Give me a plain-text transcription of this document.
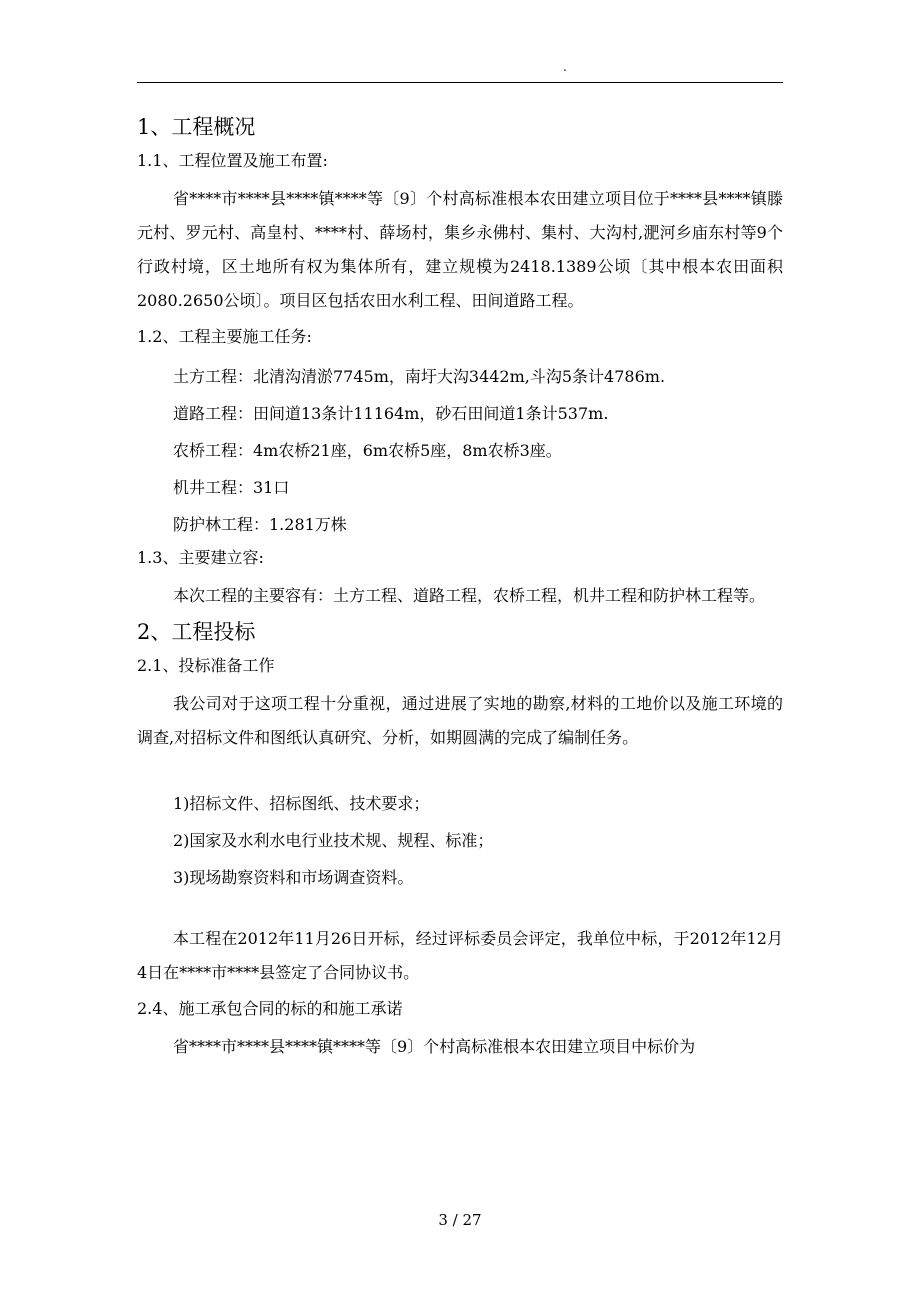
.
1、工程概况
1.1、工程位置及施工布置:
省****市****县****镇****等〔9〕个村高标准根本农田建立项目位于****县****镇滕元村、罗元村、高皇村、****村、薛场村，集乡永佛村、集村、大沟村,淝河乡庙东村等9个行政村境，区土地所有权为集体所有，建立规模为2418.1389公顷〔其中根本农田面积2080.2650公顷〕。项目区包括农田水利工程、田间道路工程。
1.2、工程主要施工任务:
土方工程：北清沟清淤7745m，南圩大沟3442m,斗沟5条计4786m.
道路工程：田间道13条计11164m，砂石田间道1条计537m.
农桥工程：4m农桥21座，6m农桥5座，8m农桥3座。
机井工程：31口
防护林工程：1.281万株
1.3、主要建立容:
本次工程的主要容有：土方工程、道路工程，农桥工程，机井工程和防护林工程等。
2、工程投标
2.1、投标准备工作
我公司对于这项工程十分重视，通过进展了实地的勘察,材料的工地价以及施工环境的调查,对招标文件和图纸认真研究、分析，如期圆满的完成了编制任务。
1)招标文件、招标图纸、技术要求；
2)国家及水利水电行业技术规、规程、标准；
3)现场勘察资料和市场调查资料。
本工程在2012年11月26日开标，经过评标委员会评定，我单位中标，于2012年12月4日在****市****县签定了合同协议书。
2.4、施工承包合同的标的和施工承诺
省****市****县****镇****等〔9〕个村高标准根本农田建立项目中标价为
3 / 27
